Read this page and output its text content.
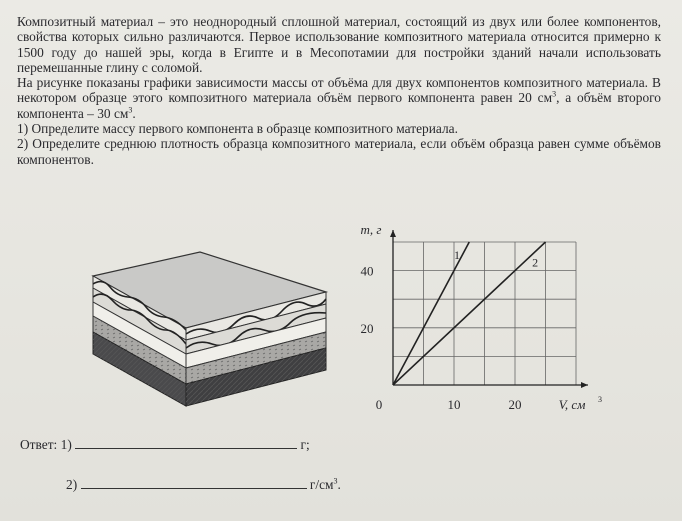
Композитный материал – это неоднородный сплошной материал, состоящий из двух или более компонентов, свойства которых сильно различаются. Первое использование композитного материала относится примерно к 1500 году до нашей эры, когда в Египте и в Месопотамии для постройки зданий начали использовать перемешанные глину с соломой.

На рисунке показаны графики зависимости массы от объёма для двух компонентов композитного материала. В некотором образце этого композитного материала объём первого компонента равен 20 $см^3$, а объём второго компонента – 30 $см^3$.

1) Определите массу первого компонента в образце композитного материала.

2) Определите среднюю плотность образца композитного материала, если объём образца равен сумме объёмов компонентов.

1
2
20
40
0	10	20
m, г
V, см 3
Ответ: 1)	г;
2)	$г/см^3$.
